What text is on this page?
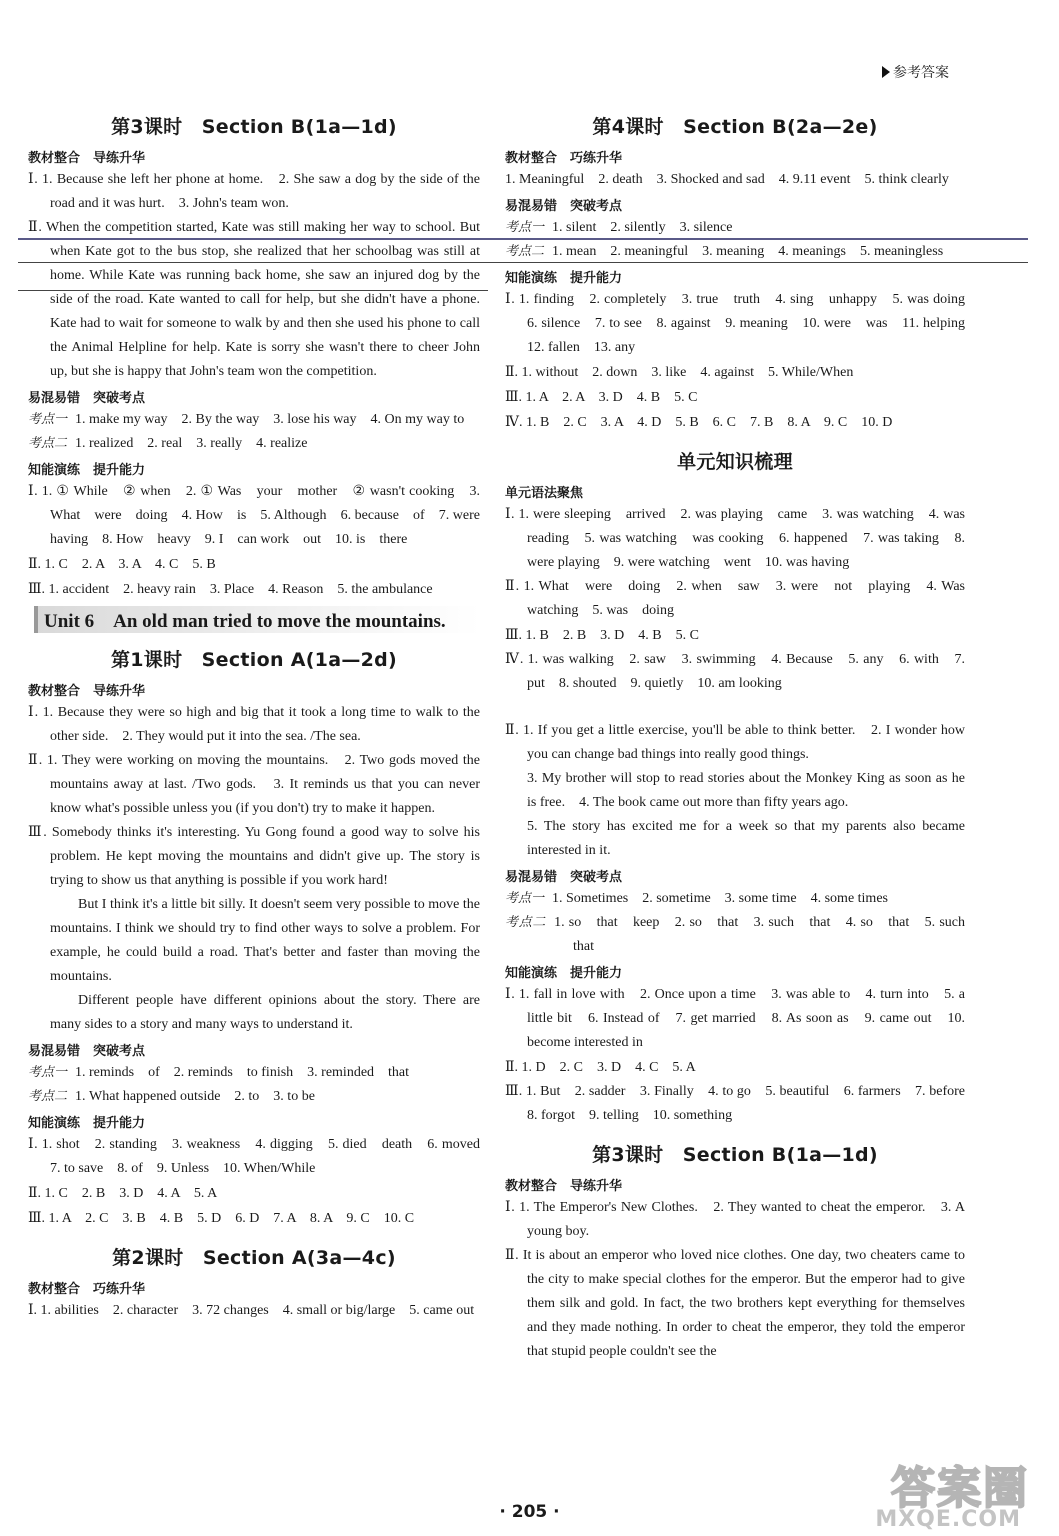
参考答案
第3课时　Section B(1a—1d)
教材整合　导练升华
Ⅰ. 1. Because she left her phone at home.　2. She saw a dog by the side of the road and it was hurt.　3. John's team won.
Ⅱ. When the competition started, Kate was still making her way to school. But when Kate got to the bus stop, she realized that her schoolbag was still at home. While Kate was running back home, she saw an injured dog by the side of the road. Kate wanted to call for help, but she didn't have a phone. Kate had to wait for someone to walk by and then she used his phone to call the Animal Helpline for help. Kate is sorry she wasn't there to cheer John up, but she is happy that John's team won the competition.
易混易错　突破考点
考点一 1. make my way　2. By the way　3. lose his way　4. On my way to
考点二 1. realized　2. real　3. really　4. realize
知能演练　提升能力
Ⅰ. 1. ① While　② when　2. ① Was　your　mother　② wasn't cooking　3. What　were　doing　4. How　is　5. Although　6. because　of　7. were　having　8. How　heavy　9. I　can work　out　10. is　there
Ⅱ. 1. C　2. A　3. A　4. C　5. B
Ⅲ. 1. accident　2. heavy rain　3. Place　4. Reason　5. the ambulance
Unit 6　An old man tried to move the mountains.
第1课时　Section A(1a—2d)
教材整合　导练升华
Ⅰ. 1. Because they were so high and big that it took a long time to walk to the other side.　2. They would put it into the sea. /The sea.
Ⅱ. 1. They were working on moving the mountains.　2. Two gods moved the mountains away at last. /Two gods.　3. It reminds us that you can never know what's possible unless you (if you don't) try to make it happen.
Ⅲ. Somebody thinks it's interesting. Yu Gong found a good way to solve his problem. He kept moving the mountains and didn't give up. The story is trying to show us that anything is possible if you work hard!
But I think it's a little bit silly. It doesn't seem very possible to move the mountains. I think we should try to find other ways to solve a problem. For example, he could build a road. That's better and faster than moving the mountains.
Different people have different opinions about the story. There are many sides to a story and many ways to understand it.
易混易错　突破考点
考点一 1. reminds　of　2. reminds　to finish　3. reminded　that
考点二 1. What happened outside　2. to　3. to be
知能演练　提升能力
Ⅰ. 1. shot　2. standing　3. weakness　4. digging　5. died　death　6. moved　7. to save　8. of　9. Unless　10. When/While
Ⅱ. 1. C　2. B　3. D　4. A　5. A
Ⅲ. 1. A　2. C　3. B　4. B　5. D　6. D　7. A　8. A　9. C　10. C
第2课时　Section A(3a—4c)
教材整合　巧练升华
Ⅰ. 1. abilities　2. character　3. 72 changes　4. small or big/large　5. came out
第4课时　Section B(2a—2e)
教材整合　巧练升华
1. Meaningful　2. death　3. Shocked and sad　4. 9.11 event　5. think clearly
易混易错　突破考点
考点一 1. silent　2. silently　3. silence
考点二 1. mean　2. meaningful　3. meaning　4. meanings　5. meaningless
知能演练　提升能力
Ⅰ. 1. finding　2. completely　3. true　truth　4. sing　unhappy　5. was doing　6. silence　7. to see　8. against　9. meaning　10. were　was　11. helping　12. fallen　13. any
Ⅱ. 1. without　2. down　3. like　4. against　5. While/When
Ⅲ. 1. A　2. A　3. D　4. B　5. C
Ⅳ. 1. B　2. C　3. A　4. D　5. B　6. C　7. B　8. A　9. C　10. D
单元知识梳理
单元语法聚焦
Ⅰ. 1. were sleeping　arrived　2. was playing　came　3. was watching　4. was reading　5. was watching　was cooking　6. happened　7. was taking　8. were playing　9. were watching　went　10. was having
Ⅱ. 1. What　were　doing　2. when　saw　3. were　not　playing　4. Was　watching　5. was　doing
Ⅲ. 1. B　2. B　3. D　4. B　5. C
Ⅳ. 1. was walking　2. saw　3. swimming　4. Because　5. any　6. with　7. put　8. shouted　9. quietly　10. am looking
Ⅱ. 1. If you get a little exercise, you'll be able to think better.　2. I wonder how you can change bad things into really good things.
3. My brother will stop to read stories about the Monkey King as soon as he is free.　4. The book came out more than fifty years ago.
5. The story has excited me for a week so that my parents also became interested in it.
易混易错　突破考点
考点一 1. Sometimes　2. sometime　3. some time　4. some times
考点二 1. so　that　keep　2. so　that　3. such　that　4. so　that　5. such　that
知能演练　提升能力
Ⅰ. 1. fall in love with　2. Once upon a time　3. was able to　4. turn into　5. a little bit　6. Instead of　7. get married　8. As soon as　9. came out　10. become interested in
Ⅱ. 1. D　2. C　3. D　4. C　5. A
Ⅲ. 1. But　2. sadder　3. Finally　4. to go　5. beautiful　6. farmers　7. before　8. forgot　9. telling　10. something
第3课时　Section B(1a—1d)
教材整合　导练升华
Ⅰ. 1. The Emperor's New Clothes.　2. They wanted to cheat the emperor.　3. A young boy.
Ⅱ. It is about an emperor who loved nice clothes. One day, two cheaters came to the city to make special clothes for the emperor. But the emperor had to give them silk and gold. In fact, the two brothers kept everything for themselves and they made nothing. In order to cheat the emperor, they told the emperor that stupid people couldn't see the
· 205 ·	答案圈
MXQE.COM
